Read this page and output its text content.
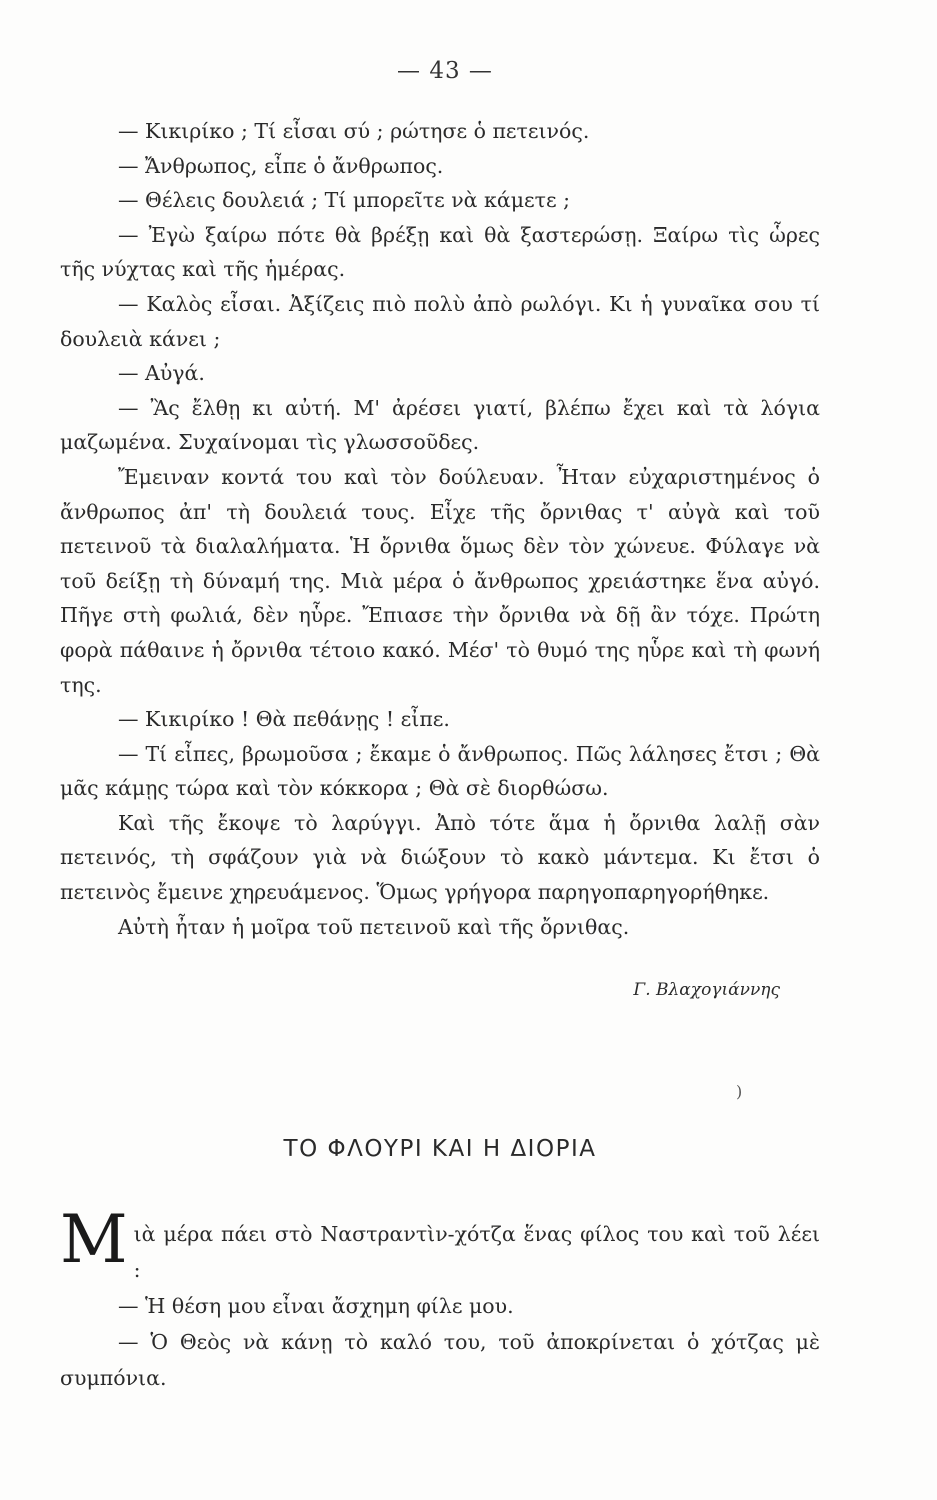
— 43 —

— Κικιρίκο ; Τί εἶσαι σύ ; ρώτησε ὁ πετεινός.

— Ἄνθρωπος, εἶπε ὁ ἄνθρωπος.

— Θέλεις δουλειά ; Τί μπορεῖτε νὰ κάμετε ;

— Ἐγὼ ξαίρω πότε θὰ βρέξῃ καὶ θὰ ξαστερώσῃ. Ξαίρω τὶς ὧρες τῆς νύχτας καὶ τῆς ἡμέρας.

— Καλὸς εἶσαι. Ἀξίζεις πιὸ πολὺ ἀπὸ ρωλόγι. Κι ἡ γυναῖκα σου τί δουλειὰ κάνει ;

— Αὐγά.

— Ἂς ἔλθῃ κι αὐτή. Μ' ἀρέσει γιατί, βλέπω ἔχει καὶ τὰ λόγια μαζωμένα. Συχαίνομαι τὶς γλωσσοῦδες.

Ἔμειναν κοντά του καὶ τὸν δούλευαν. Ἦταν εὐχαριστημένος ὁ ἄνθρωπος ἀπ' τὴ δουλειά τους. Εἶχε τῆς ὄρνιθας τ' αὐγὰ καὶ τοῦ πετεινοῦ τὰ διαλαλήματα. Ἡ ὄρνιθα ὅμως δὲν τὸν χώνευε. Φύλαγε νὰ τοῦ δείξῃ τὴ δύναμή της. Μιὰ μέρα ὁ ἄνθρωπος χρειάστηκε ἕνα αὐγό. Πῆγε στὴ φωλιά, δὲν ηὗρε. Ἔπιασε τὴν ὄρνιθα νὰ δῇ ἂν τόχε. Πρώτη φορὰ πάθαινε ἡ ὄρνιθα τέτοιο κακό. Μέσ' τὸ θυμό της ηὗρε καὶ τὴ φωνή της.

— Κικιρίκο ! Θὰ πεθάνῃς ! εἶπε.

— Τί εἶπες, βρωμοῦσα ; ἔκαμε ὁ ἄνθρωπος. Πῶς λάλησες ἔτσι ; Θὰ μᾶς κάμῃς τώρα καὶ τὸν κόκκορα ; Θὰ σὲ διορθώσω.

Καὶ τῆς ἔκοψε τὸ λαρύγγι. Ἀπὸ τότε ἅμα ἡ ὄρνιθα λαλῇ σὰν πετεινός, τὴ σφάζουν γιὰ νὰ διώξουν τὸ κακὸ μάντεμα. Κι ἔτσι ὁ πετεινὸς ἔμεινε χηρευάμενος. Ὅμως γρήγορα παρηγοπαρηγορήθηκε.

Αὐτὴ ἦταν ἡ μοῖρα τοῦ πετεινοῦ καὶ τῆς ὄρνιθας.

Γ. Βλαχογιάννης
)
ΤΟ ΦΛΟΥΡΙ ΚΑΙ Η ΔΙΟΡΙΑ

Μιὰ μέρα πάει στὸ Ναστραντὶν-χότζα ἕνας φίλος του καὶ τοῦ λέει :

— Ἡ θέση μου εἶναι ἄσχημη φίλε μου.

— Ὁ Θεὸς νὰ κάνῃ τὸ καλό του, τοῦ ἀποκρίνεται ὁ χότζας μὲ συμπόνια.
